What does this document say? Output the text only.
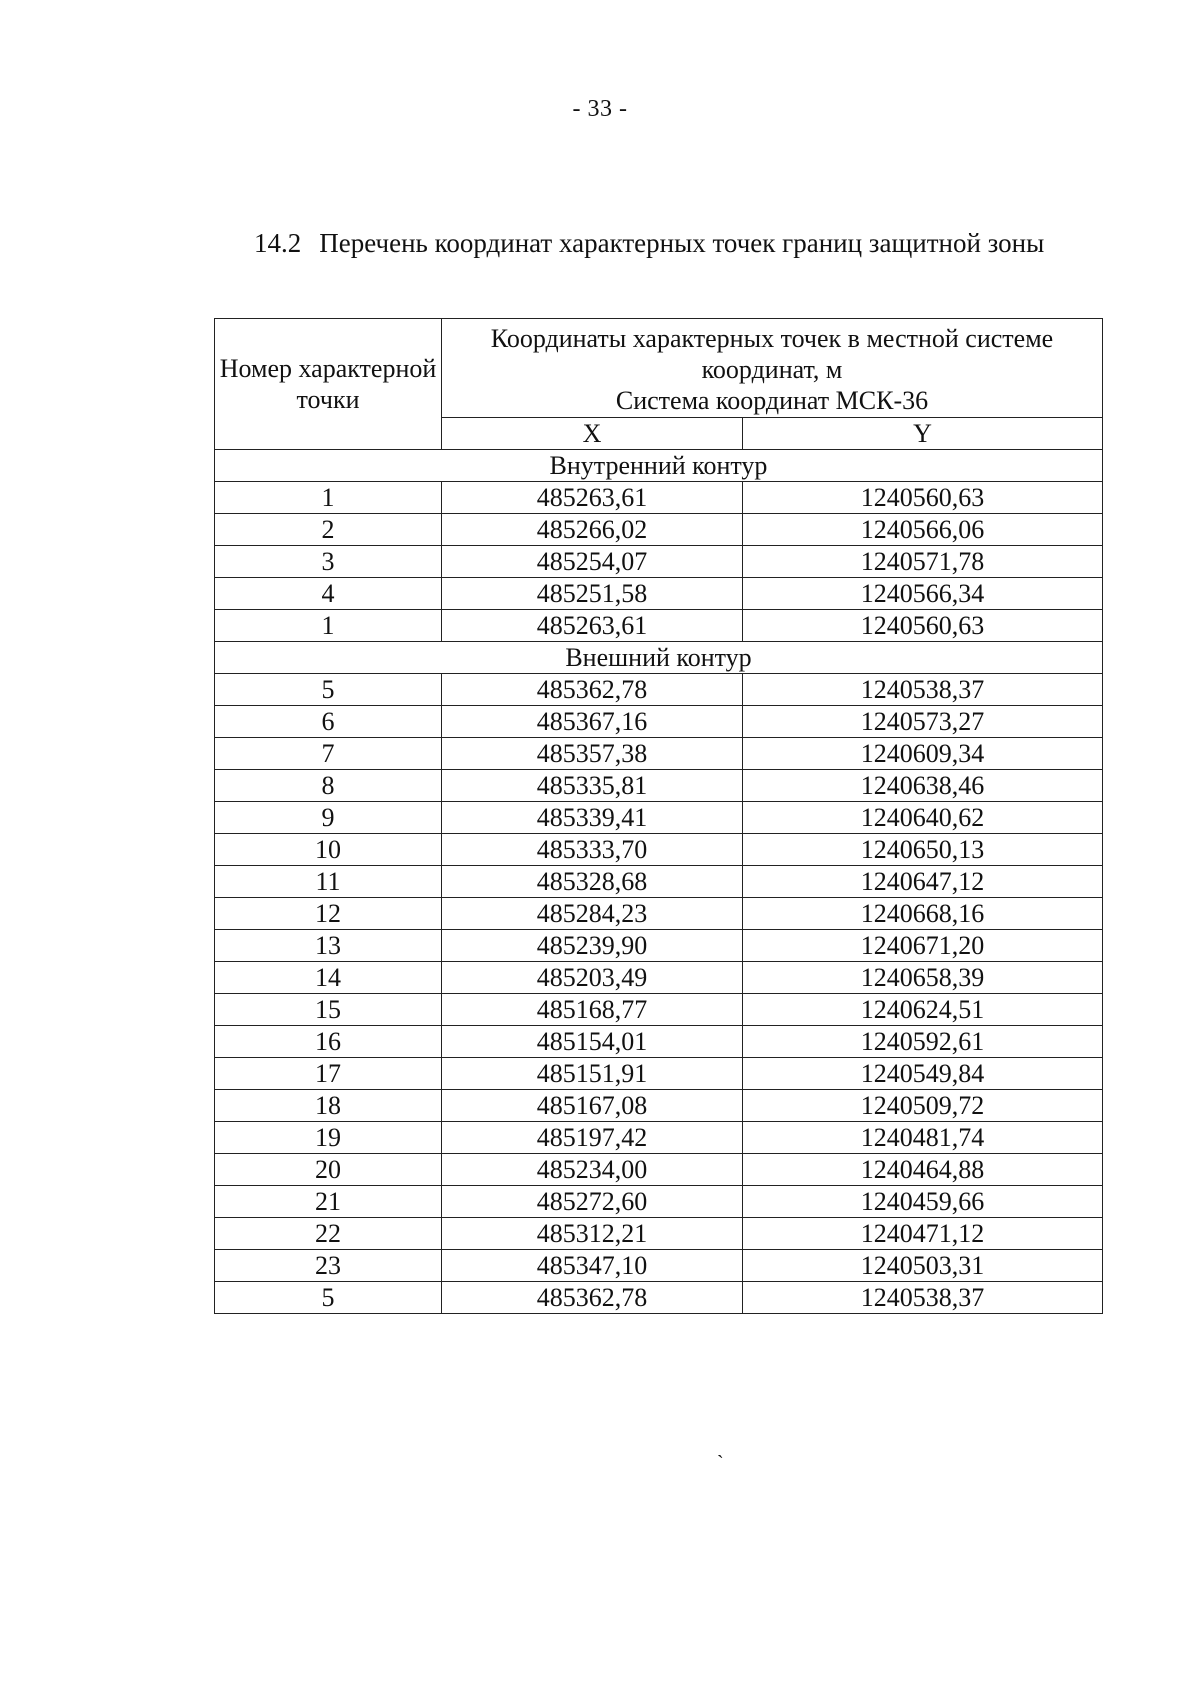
- 33 -
14.2 Перечень координат характерных точек границ защитной зоны
Номер характерной точки	Координаты характерных точек в местной системе координат, м
Система координат МСК-36	

	X	Y
Внутренний контур		
1	485263,61	1240560,63
2	485266,02	1240566,06
3	485254,07	1240571,78
4	485251,58	1240566,34
1	485263,61	1240560,63
Внешний контур		
5	485362,78	1240538,37
6	485367,16	1240573,27
7	485357,38	1240609,34
8	485335,81	1240638,46
9	485339,41	1240640,62
10	485333,70	1240650,13
11	485328,68	1240647,12
12	485284,23	1240668,16
13	485239,90	1240671,20
14	485203,49	1240658,39
15	485168,77	1240624,51
16	485154,01	1240592,61
17	485151,91	1240549,84
18	485167,08	1240509,72
19	485197,42	1240481,74
20	485234,00	1240464,88
21	485272,60	1240459,66
22	485312,21	1240471,12
23	485347,10	1240503,31
5	485362,78	1240538,37
`
